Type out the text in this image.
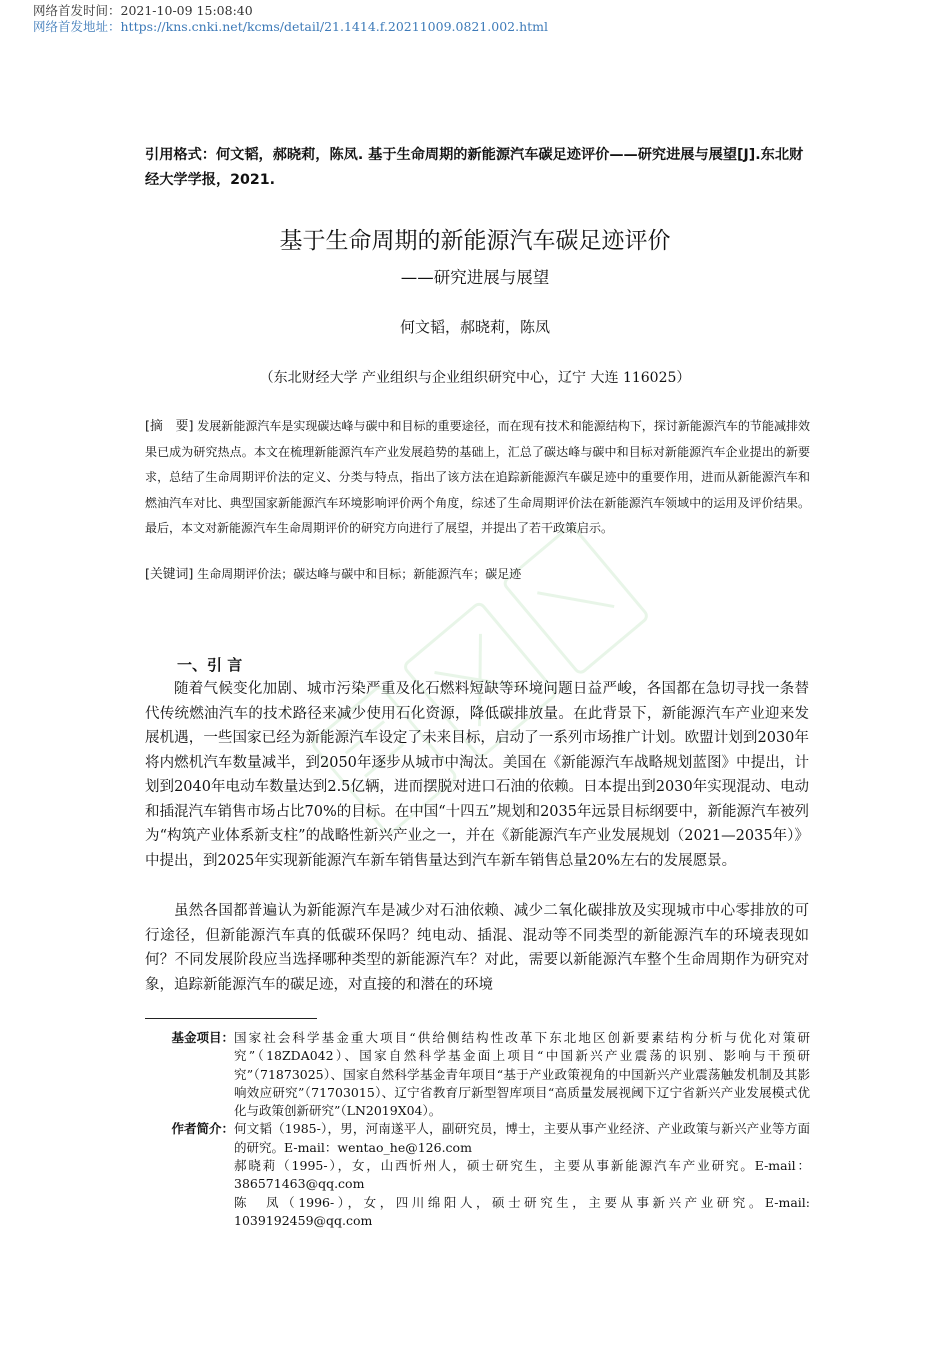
网络首发时间：2021-10-09 15:08:40
网络首发地址：https://kns.cnki.net/kcms/detail/21.1414.f.20211009.0821.002.html
引用格式：何文韬，郝晓莉，陈凤. 基于生命周期的新能源汽车碳足迹评价——研究进展与展望[J].东北财经大学学报，2021.
基于生命周期的新能源汽车碳足迹评价
——研究进展与展望
何文韬，郝晓莉，陈凤
（东北财经大学 产业组织与企业组织研究中心，辽宁 大连 116025）
[摘　要] 发展新能源汽车是实现碳达峰与碳中和目标的重要途径，而在现有技术和能源结构下，探讨新能源汽车的节能减排效果已成为研究热点。本文在梳理新能源汽车产业发展趋势的基础上，汇总了碳达峰与碳中和目标对新能源汽车企业提出的新要求，总结了生命周期评价法的定义、分类与特点，指出了该方法在追踪新能源汽车碳足迹中的重要作用，进而从新能源汽车和燃油汽车对比、典型国家新能源汽车环境影响评价两个角度，综述了生命周期评价法在新能源汽车领域中的运用及评价结果。最后，本文对新能源汽车生命周期评价的研究方向进行了展望，并提出了若干政策启示。
[关键词] 生命周期评价法；碳达峰与碳中和目标；新能源汽车；碳足迹
一、引 言
随着气候变化加剧、城市污染严重及化石燃料短缺等环境问题日益严峻，各国都在急切寻找一条替代传统燃油汽车的技术路径来减少使用石化资源，降低碳排放量。在此背景下，新能源汽车产业迎来发展机遇，一些国家已经为新能源汽车设定了未来目标，启动了一系列市场推广计划。欧盟计划到2030年将内燃机汽车数量减半，到2050年逐步从城市中淘汰。美国在《新能源汽车战略规划蓝图》中提出，计划到2040年电动车数量达到2.5亿辆，进而摆脱对进口石油的依赖。日本提出到2030年实现混动、电动和插混汽车销售市场占比70%的目标。在中国“十四五”规划和2035年远景目标纲要中，新能源汽车被列为“构筑产业体系新支柱”的战略性新兴产业之一，并在《新能源汽车产业发展规划（2021—2035年）》中提出，到2025年实现新能源汽车新车销售量达到汽车新车销售总量20%左右的发展愿景。
虽然各国都普遍认为新能源汽车是减少对石油依赖、减少二氧化碳排放及实现城市中心零排放的可行途径，但新能源汽车真的低碳环保吗？纯电动、插混、混动等不同类型的新能源汽车的环境表现如何？不同发展阶段应当选择哪种类型的新能源汽车？对此，需要以新能源汽车整个生命周期作为研究对象，追踪新能源汽车的碳足迹，对直接的和潜在的环境
基金项目： 国家社会科学基金重大项目“供给侧结构性改革下东北地区创新要素结构分析与优化对策研究”（18ZDA042）、国家自然科学基金面上项目“中国新兴产业震荡的识别、影响与干预研究”（71873025）、国家自然科学基金青年项目“基于产业政策视角的中国新兴产业震荡触发机制及其影响效应研究”（71703015）、辽宁省教育厅新型智库项目“高质量发展视阈下辽宁省新兴产业发展模式优化与政策创新研究”（LN2019X04）。

作者简介： 何文韬（1985-），男，河南遂平人，副研究员，博士，主要从事产业经济、产业政策与新兴产业等方面的研究。E-mail：wentao_he@126.com

郝晓莉（1995-），女，山西忻州人，硕士研究生，主要从事新能源汽车产业研究。E-mail：386571463@qq.com

陈　凤（1996-），女，四川绵阳人，硕士研究生，主要从事新兴产业研究。E-mail: 1039192459@qq.com
